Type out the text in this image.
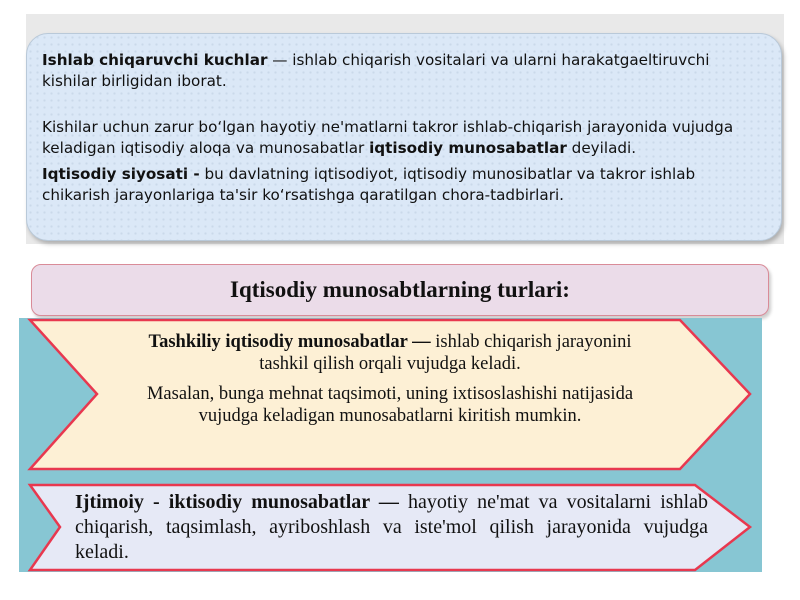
Ishlab chiqaruvchi kuchlar — ishlab chiqarish vositalari va ularni harakatgaeltiruvchi kishilar birligidan iborat.

Kishilar uchun zarur bo‘lgan hayotiy ne'matlarni takror ishlab-chiqarish jarayonida vujudga keladigan iqtisodiy aloqa va munosabatlar iqtisodiy munosabatlar deyiladi.

Iqtisodiy siyosati - bu davlatning iqtisodiyot, iqtisodiy munosibatlar va takror ishlab chikarish jarayonlariga ta'sir ko‘rsatishga qaratilgan chora-tadbirlari.

Iqtisodiy munosabtlarning turlari:

Tashkiliy iqtisodiy munosabatlar — ishlab chiqarish jarayonini tashkil qilish orqali vujudga keladi.

Masalan, bunga mehnat taqsimoti, uning ixtisoslashishi natijasida vujudga keladigan munosabatlarni kiritish mumkin.

Ijtimoiy - iktisodiy munosabatlar — hayotiy ne'mat va vositalarni ishlab chiqarish, taqsimlash, ayriboshlash va iste'mol qilish jarayonida vujudga keladi.
